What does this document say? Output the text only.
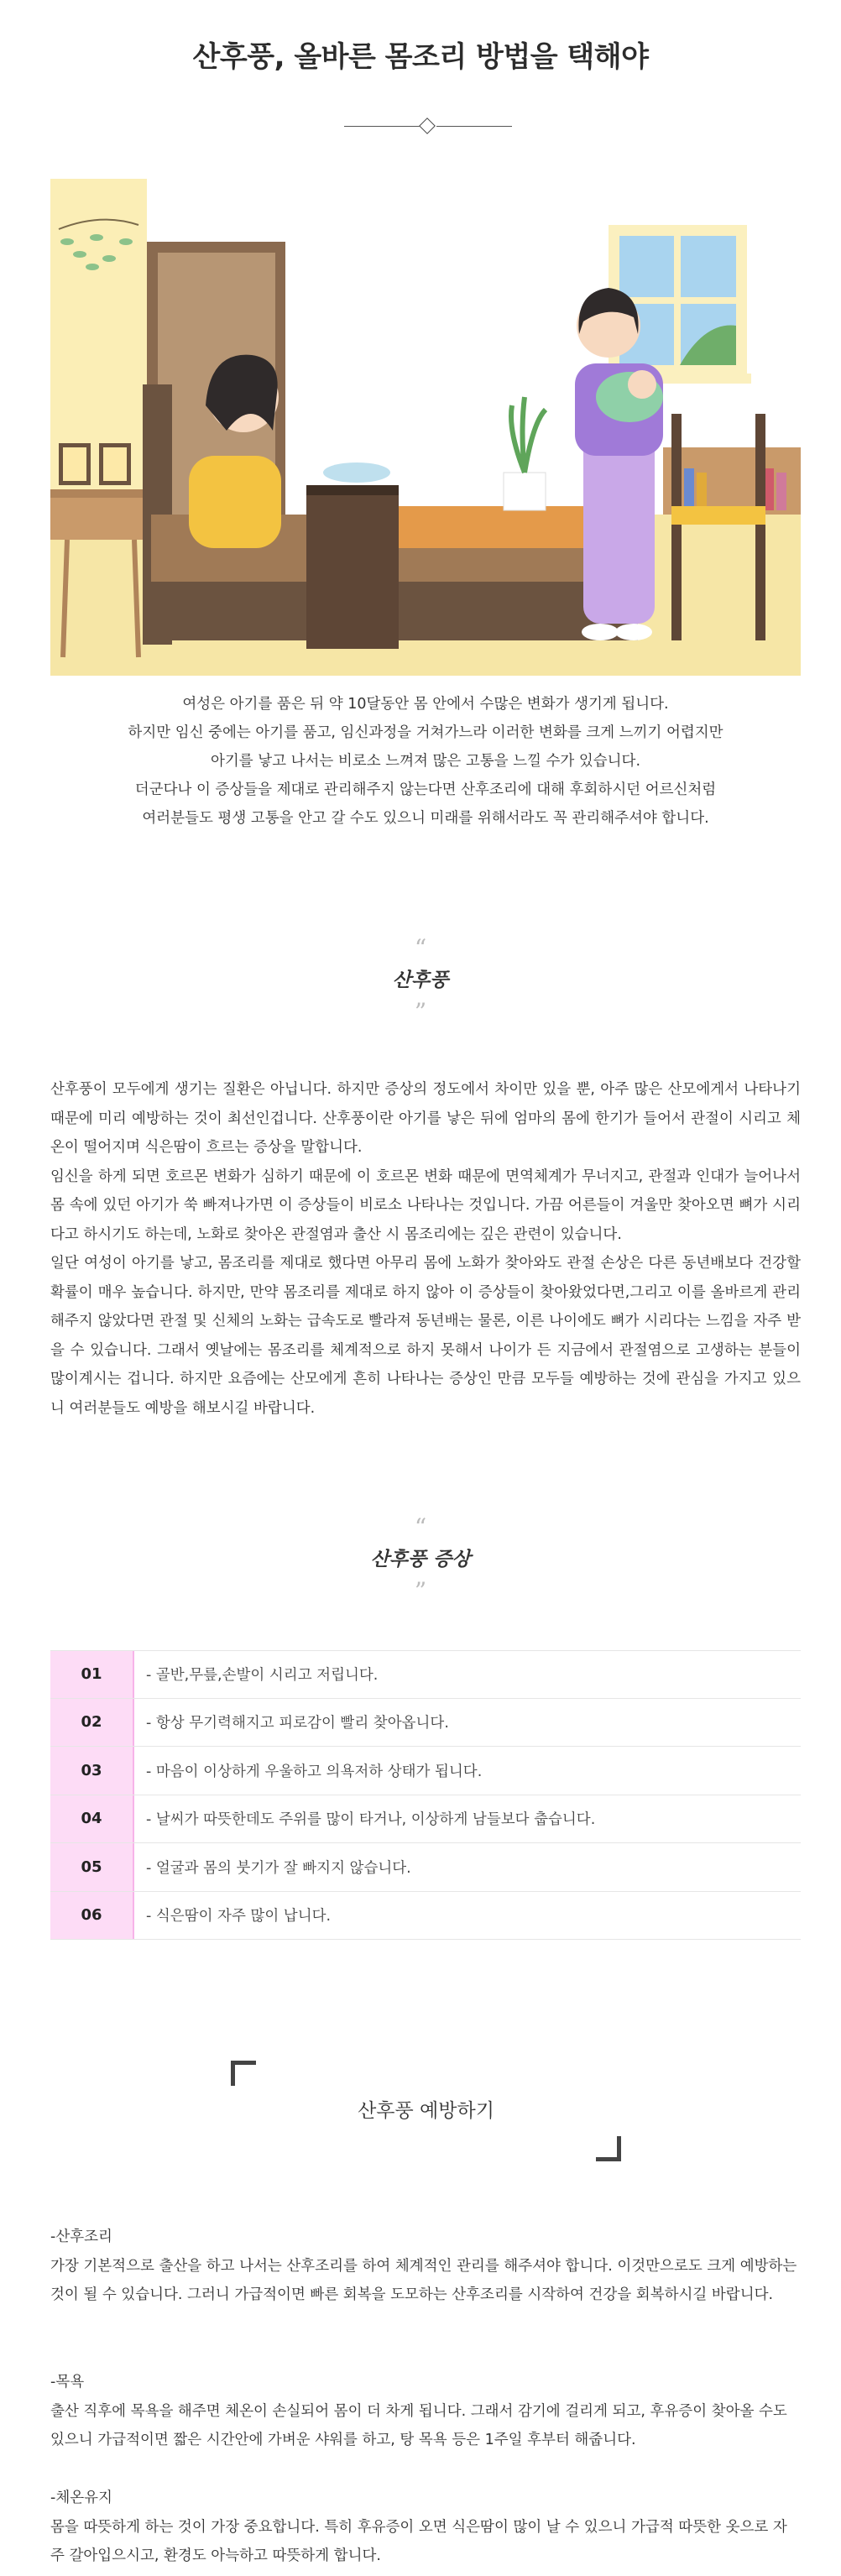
산후풍, 올바른 몸조리 방법을 택해야

여성은 아기를 품은 뒤 약 10달동안 몸 안에서 수많은 변화가 생기게 됩니다.

하지만 임신 중에는 아기를 품고, 임신과정을 거쳐가느라 이러한 변화를 크게 느끼기 어렵지만

아기를 낳고 나서는 비로소 느껴져 많은 고통을 느낄 수가 있습니다.

더군다나 이 증상들을 제대로 관리해주지 않는다면 산후조리에 대해 후회하시던 어르신처럼

여러분들도 평생 고통을 안고 갈 수도 있으니 미래를 위해서라도 꼭 관리해주셔야 합니다.

“
산후풍
”

산후풍이 모두에게 생기는 질환은 아닙니다. 하지만 증상의 정도에서 차이만 있을 뿐, 아주 많은 산모에게서 나타나기 때문에 미리 예방하는 것이 최선인겁니다. 산후풍이란 아기를 낳은 뒤에 엄마의 몸에 한기가 들어서 관절이 시리고 체온이 떨어지며 식은땀이 흐르는 증상을 말합니다.

임신을 하게 되면 호르몬 변화가 심하기 때문에 이 호르몬 변화 때문에 면역체계가 무너지고, 관절과 인대가 늘어나서 몸 속에 있던 아기가 쑥 빠져나가면 이 증상들이 비로소 나타나는 것입니다. 가끔 어른들이 겨울만 찾아오면 뼈가 시리다고 하시기도 하는데, 노화로 찾아온 관절염과 출산 시 몸조리에는 깊은 관련이 있습니다.

일단 여성이 아기를 낳고, 몸조리를 제대로 했다면 아무리 몸에 노화가 찾아와도 관절 손상은 다른 동년배보다 건강할 확률이 매우 높습니다. 하지만, 만약 몸조리를 제대로 하지 않아 이 증상들이 찾아왔었다면,그리고 이를 올바르게 관리해주지 않았다면 관절 및 신체의 노화는 급속도로 빨라져 동년배는 물론, 이른 나이에도 뼈가 시리다는 느낌을 자주 받을 수 있습니다. 그래서 옛날에는 몸조리를 체계적으로 하지 못해서 나이가 든 지금에서 관절염으로 고생하는 분들이 많이계시는 겁니다. 하지만 요즘에는 산모에게 흔히 나타나는 증상인 만큼 모두들 예방하는 것에 관심을 가지고 있으니 여러분들도 예방을 해보시길 바랍니다.

“
산후풍 증상
”
01	- 골반,무릎,손발이 시리고 저립니다.
02	- 항상 무기력해지고 피로감이 빨리 찾아옵니다.
03	- 마음이 이상하게 우울하고 의욕저하 상태가 됩니다.
04	- 날씨가 따뜻한데도 주위를 많이 타거나, 이상하게 남들보다 춥습니다.
05	- 얼굴과 몸의 붓기가 잘 빠지지 않습니다.
06	- 식은땀이 자주 많이 납니다.
산후풍 예방하기

-산후조리

가장 기본적으로 출산을 하고 나서는 산후조리를 하여 체계적인 관리를 해주셔야 합니다. 이것만으로도 크게 예방하는 것이 될 수 있습니다. 그러니 가급적이면 빠른 회복을 도모하는 산후조리를 시작하여 건강을 회복하시길 바랍니다.

-목욕

출산 직후에 목욕을 해주면 체온이 손실되어 몸이 더 차게 됩니다. 그래서 감기에 걸리게 되고, 후유증이 찾아올 수도 있으니 가급적이면 짧은 시간안에 가벼운 샤워를 하고, 탕 목욕 등은 1주일 후부터 해줍니다.

-체온유지

몸을 따뜻하게 하는 것이 가장 중요합니다. 특히 후유증이 오면 식은땀이 많이 날 수 있으니 가급적 따뜻한 옷으로 자주 갈아입으시고, 환경도 아늑하고 따뜻하게 합니다.
